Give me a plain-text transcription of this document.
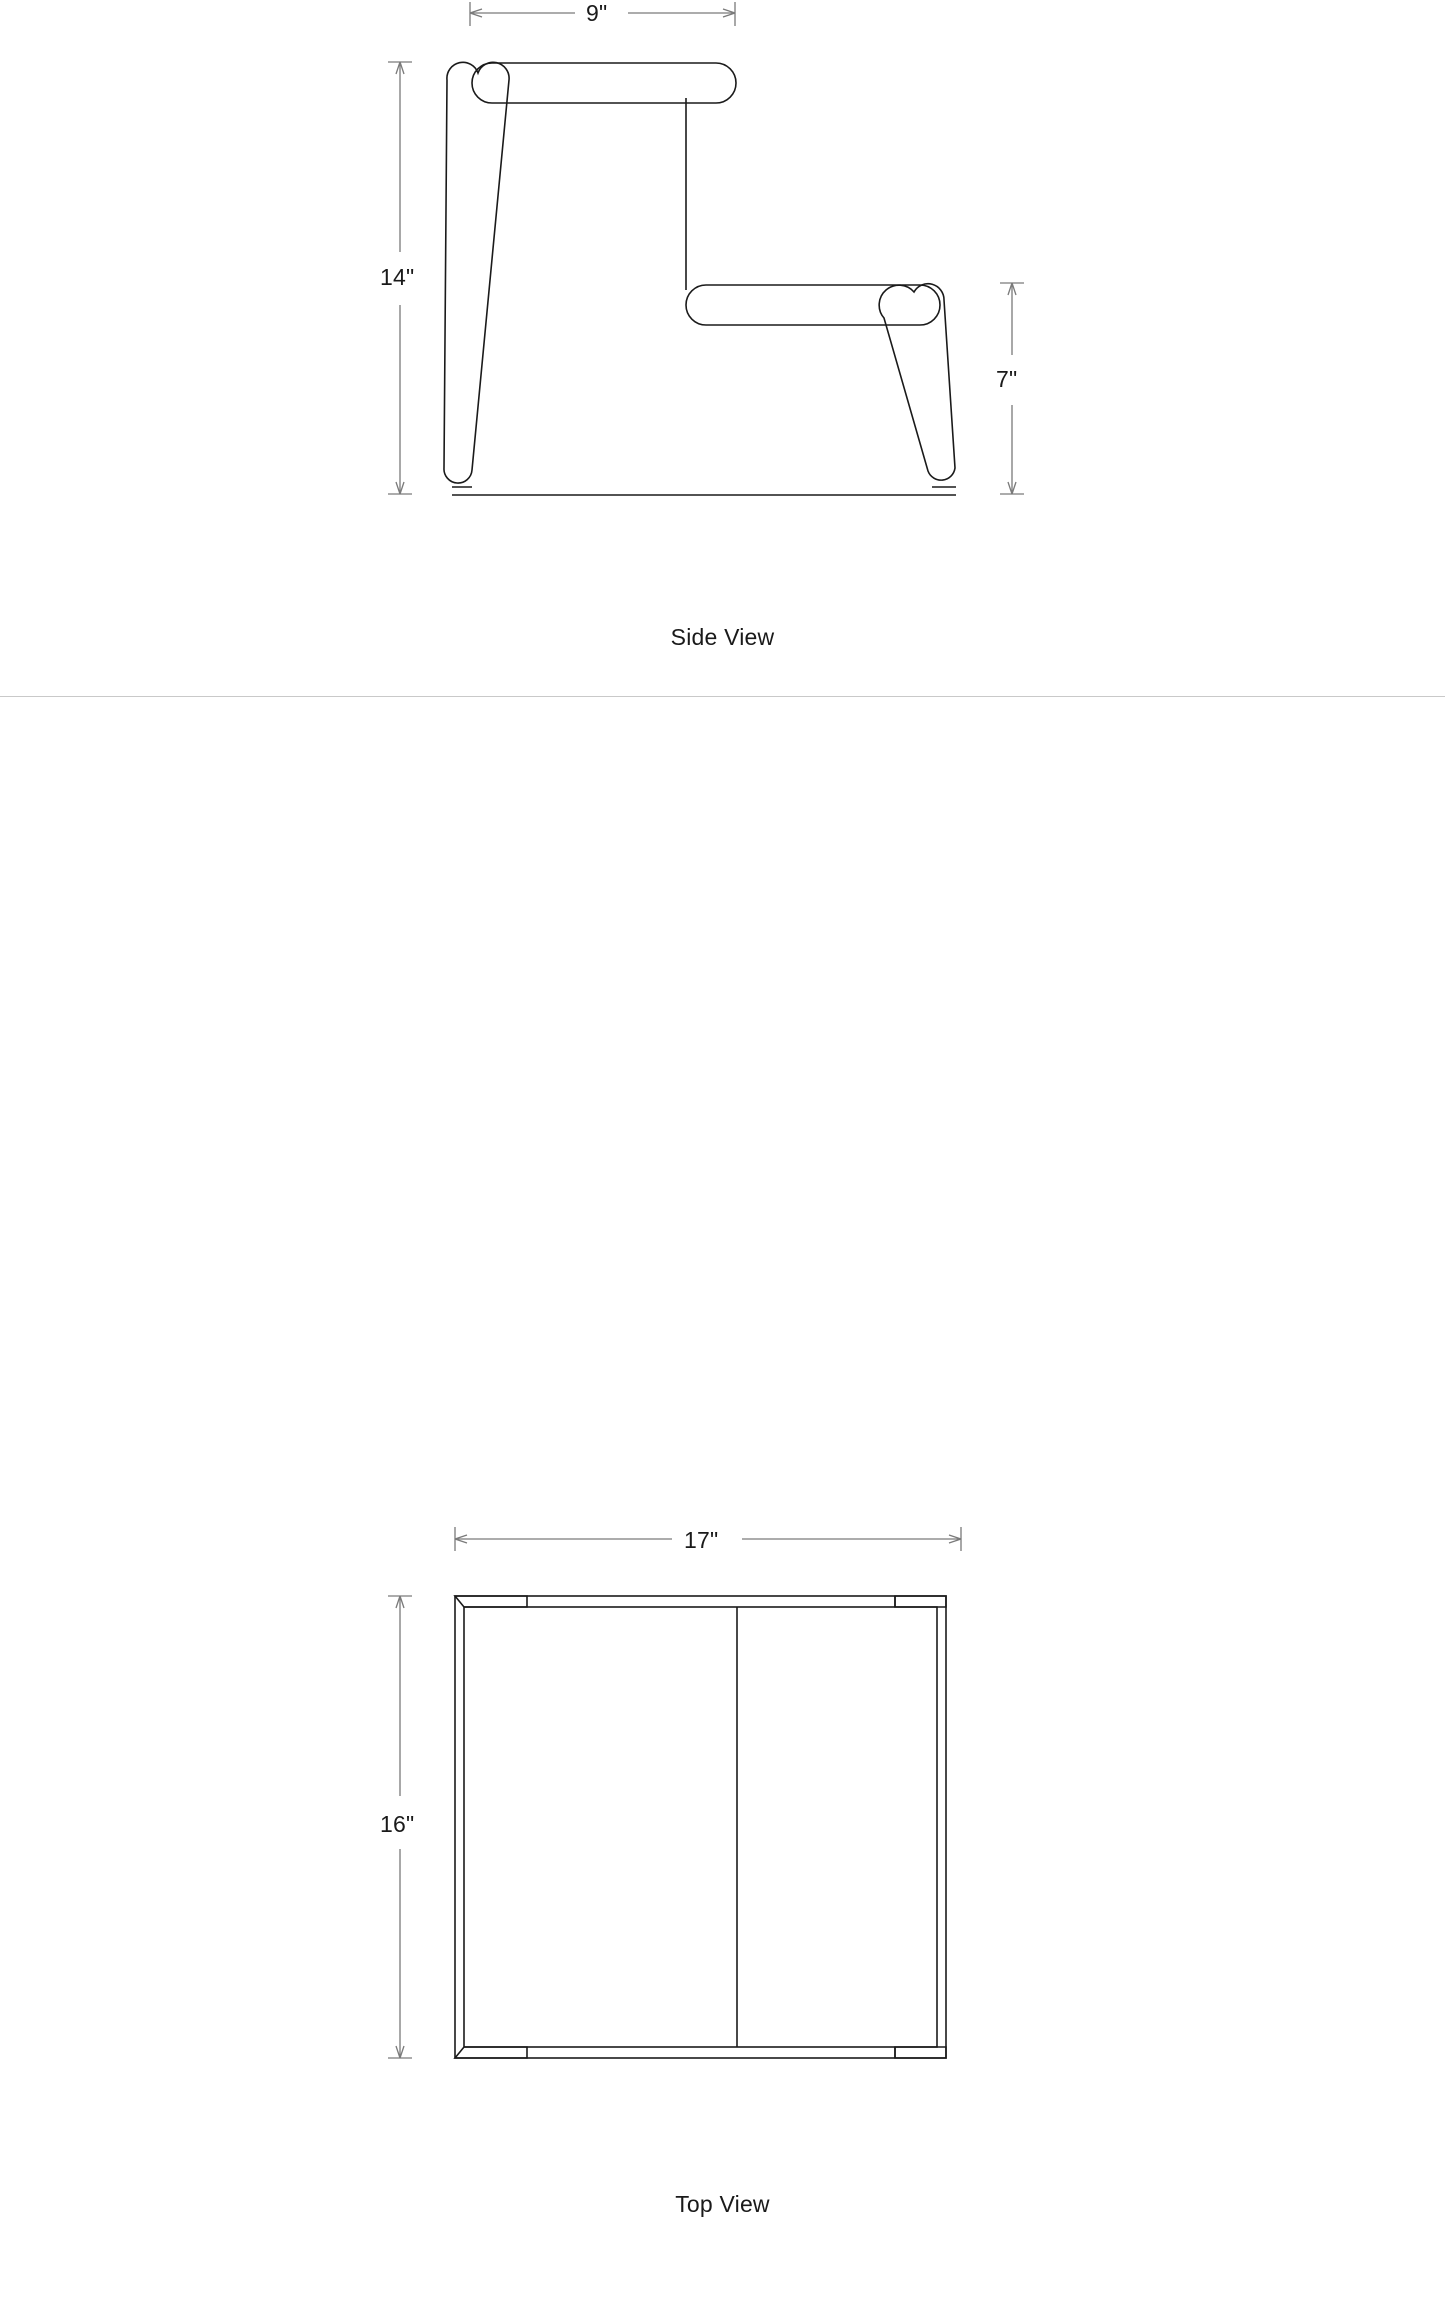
9"
14"
7"
Side View
17"
16"
Top View
